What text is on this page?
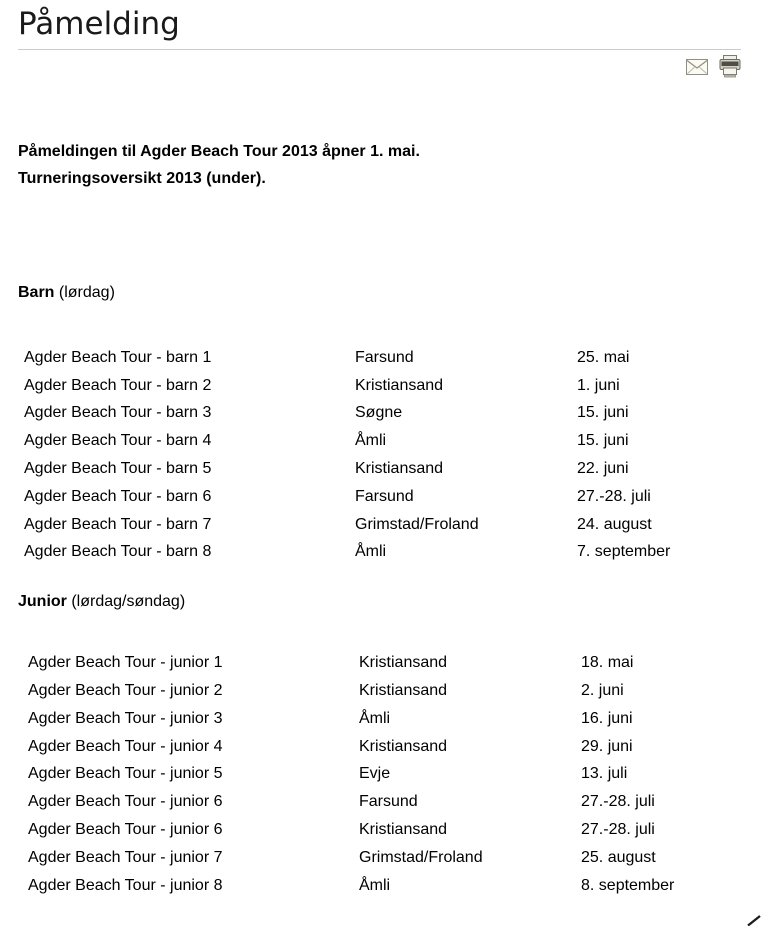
Påmelding

Påmeldingen til Agder Beach Tour 2013 åpner 1. mai.
Turneringsoversikt 2013 (under).

Barn (lørdag)

Agder Beach Tour - barn 1	Farsund	25. mai
Agder Beach Tour - barn 2	Kristiansand	1. juni
Agder Beach Tour - barn 3	Søgne	15. juni
Agder Beach Tour - barn 4	Åmli	15. juni
Agder Beach Tour - barn 5	Kristiansand	22. juni
Agder Beach Tour - barn 6	Farsund	27.-28. juli
Agder Beach Tour - barn 7	Grimstad/Froland	24. august
Agder Beach Tour - barn 8	Åmli	7. september

Junior (lørdag/søndag)

Agder Beach Tour - junior 1	Kristiansand	18. mai
Agder Beach Tour - junior 2	Kristiansand	2. juni
Agder Beach Tour - junior 3	Åmli	16. juni
Agder Beach Tour - junior 4	Kristiansand	29. juni
Agder Beach Tour - junior 5	Evje	13. juli
Agder Beach Tour - junior 6	Farsund	27.-28. juli
Agder Beach Tour - junior 6	Kristiansand	27.-28. juli
Agder Beach Tour - junior 7	Grimstad/Froland	25. august
Agder Beach Tour - junior 8	Åmli	8. september
